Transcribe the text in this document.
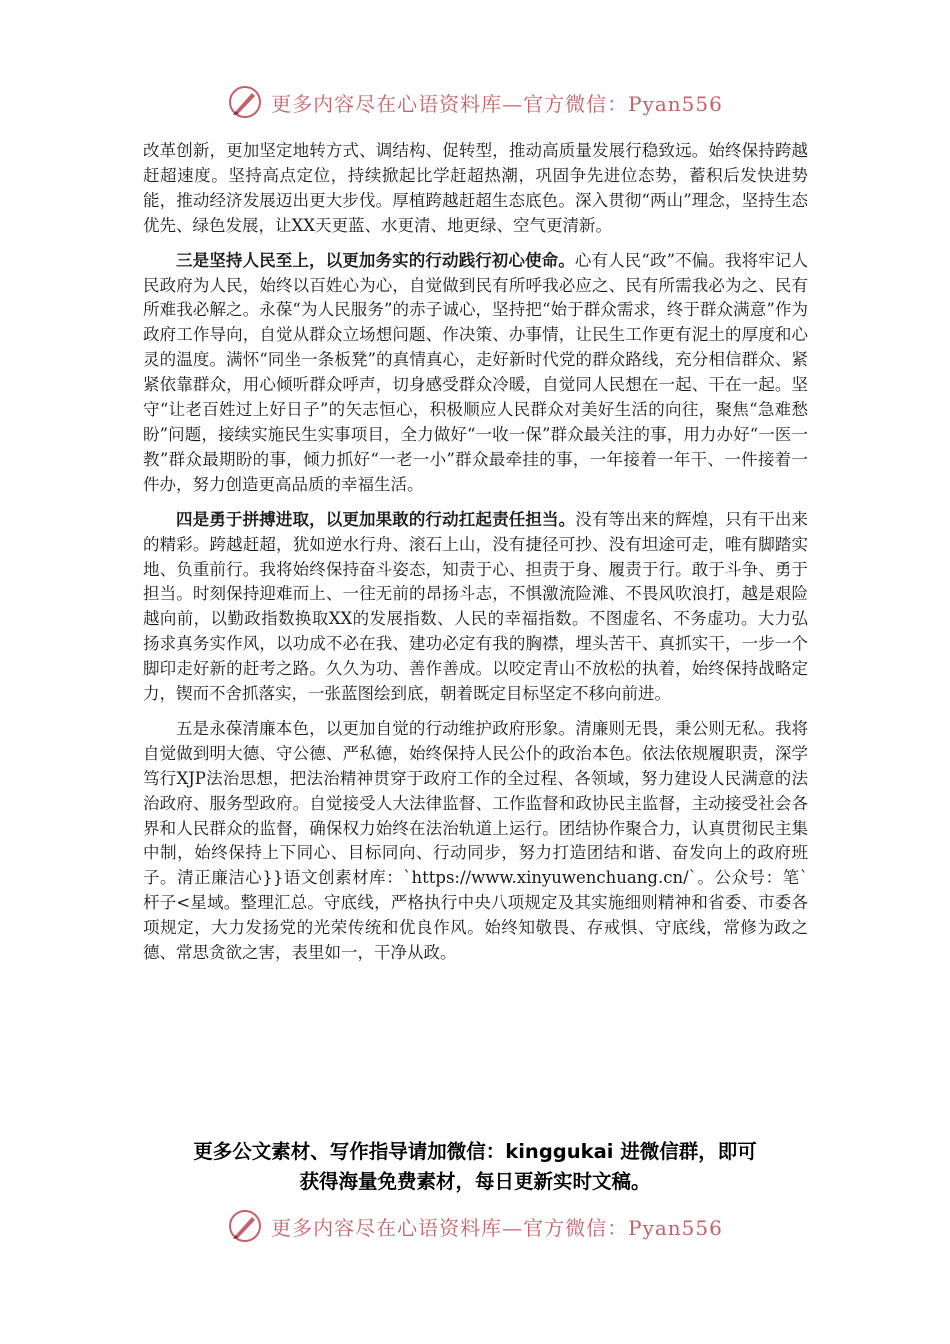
更多内容尽在心语资料库—官方微信：Pyan556

改革创新，更加坚定地转方式、调结构、促转型，推动高质量发展行稳致远。始终保持跨越赶超速度。坚持高点定位，持续掀起比学赶超热潮，巩固争先进位态势，蓄积后发快进势能，推动经济发展迈出更大步伐。厚植跨越赶超生态底色。深入贯彻“两山”理念，坚持生态优先、绿色发展，让XX天更蓝、水更清、地更绿、空气更清新。

三是坚持人民至上，以更加务实的行动践行初心使命。心有人民“政”不偏。我将牢记人民政府为人民，始终以百姓心为心，自觉做到民有所呼我必应之、民有所需我必为之、民有所难我必解之。永葆“为人民服务”的赤子诚心，坚持把“始于群众需求，终于群众满意”作为政府工作导向，自觉从群众立场想问题、作决策、办事情，让民生工作更有泥土的厚度和心灵的温度。满怀“同坐一条板凳”的真情真心，走好新时代党的群众路线，充分相信群众、紧紧依靠群众，用心倾听群众呼声，切身感受群众冷暖，自觉同人民想在一起、干在一起。坚守“让老百姓过上好日子”的矢志恒心，积极顺应人民群众对美好生活的向往，聚焦“急难愁盼”问题，接续实施民生实事项目，全力做好“一收一保”群众最关注的事，用力办好“一医一教”群众最期盼的事，倾力抓好“一老一小”群众最牵挂的事，一年接着一年干、一件接着一件办，努力创造更高品质的幸福生活。

四是勇于拼搏进取，以更加果敢的行动扛起责任担当。没有等出来的辉煌，只有干出来的精彩。跨越赶超，犹如逆水行舟、滚石上山，没有捷径可抄、没有坦途可走，唯有脚踏实地、负重前行。我将始终保持奋斗姿态，知责于心、担责于身、履责于行。敢于斗争、勇于担当。时刻保持迎难而上、一往无前的昂扬斗志，不惧激流险滩、不畏风吹浪打，越是艰险越向前，以勤政指数换取XX的发展指数、人民的幸福指数。不图虚名、不务虚功。大力弘扬求真务实作风，以功成不必在我、建功必定有我的胸襟，埋头苦干、真抓实干，一步一个脚印走好新的赶考之路。久久为功、善作善成。以咬定青山不放松的执着，始终保持战略定力，锲而不舍抓落实，一张蓝图绘到底，朝着既定目标坚定不移向前进。

五是永葆清廉本色，以更加自觉的行动维护政府形象。清廉则无畏，秉公则无私。我将自觉做到明大德、守公德、严私德，始终保持人民公仆的政治本色。依法依规履职责，深学笃行XJP法治思想，把法治精神贯穿于政府工作的全过程、各领域，努力建设人民满意的法治政府、服务型政府。自觉接受人大法律监督、工作监督和政协民主监督，主动接受社会各界和人民群众的监督，确保权力始终在法治轨道上运行。团结协作聚合力，认真贯彻民主集中制，始终保持上下同心、目标同向、行动同步，努力打造团结和谐、奋发向上的政府班子。清正廉洁心}}语文创素材库：`https://www.xinyuwenchuang.cn/`。公众号：笔`杆子<星域。整理汇总。守底线，严格执行中央八项规定及其实施细则精神和省委、市委各项规定，大力发扬党的光荣传统和优良作风。始终知敬畏、存戒惧、守底线，常修为政之德、常思贪欲之害，表里如一，干净从政。

更多公文素材、写作指导请加微信：kinggukai 进微信群，即可
获得海量免费素材，每日更新实时文稿。
更多内容尽在心语资料库—官方微信：Pyan556
